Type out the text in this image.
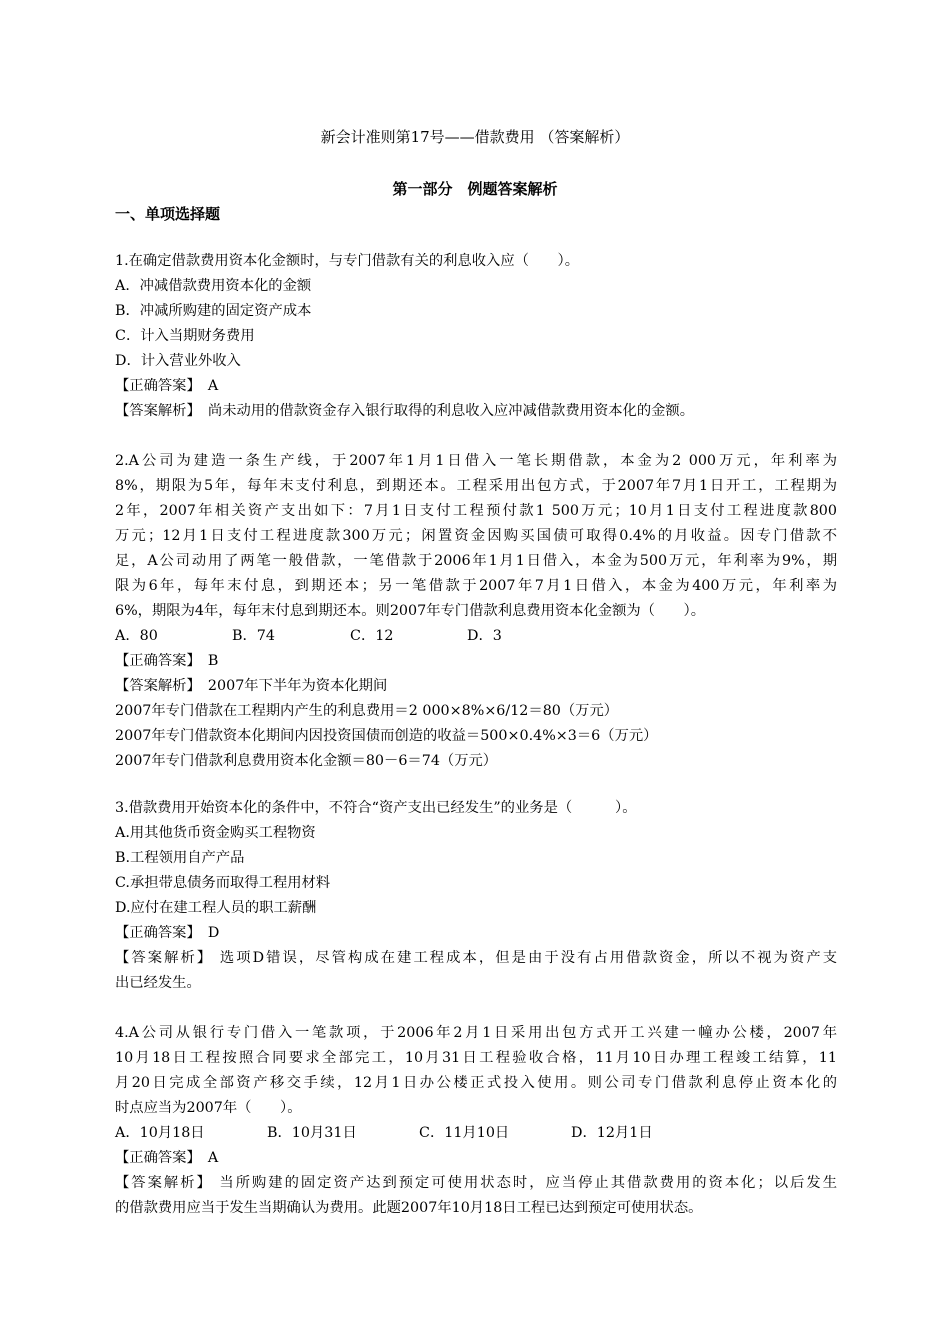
新会计准则第17号——借款费用 （答案解析）
第一部分　例题答案解析
一、单项选择题
1.在确定借款费用资本化金额时，与专门借款有关的利息收入应（　　）。
A．冲减借款费用资本化的金额
B．冲减所购建的固定资产成本
C．计入当期财务费用
D．计入营业外收入
【正确答案】　A
【答案解析】　尚未动用的借款资金存入银行取得的利息收入应冲减借款费用资本化的金额。
2.A公司为建造一条生产线，于2007年1月1日借入一笔长期借款，本金为2 000万元，年利率为
8%，期限为5年，每年末支付利息，到期还本。工程采用出包方式，于2007年7月1日开工，工程期为
2年，2007年相关资产支出如下：7月1日支付工程预付款1 500万元；10月1日支付工程进度款800
万元；12月1日支付工程进度款300万元；闲置资金因购买国债可取得0.4%的月收益。因专门借款不
足，A公司动用了两笔一般借款，一笔借款于2006年1月1日借入，本金为500万元，年利率为9%，期
限为6年，每年末付息，到期还本；另一笔借款于2007年7月1日借入，本金为400万元，年利率为
6%，期限为4年，每年末付息到期还本。则2007年专门借款利息费用资本化金额为（　　）。
A．80	B．74	C．12	D．3
【正确答案】　B
【答案解析】　2007年下半年为资本化期间
2007年专门借款在工程期内产生的利息费用＝2 000×8%×6/12＝80（万元）
2007年专门借款资本化期间内因投资国债而创造的收益＝500×0.4%×3＝6（万元）
2007年专门借款利息费用资本化金额＝80－6＝74（万元）
3.借款费用开始资本化的条件中，不符合“资产支出已经发生”的业务是（　　　）。
A.用其他货币资金购买工程物资
B.工程领用自产产品
C.承担带息债务而取得工程用材料
D.应付在建工程人员的职工薪酬
【正确答案】　D
【答案解析】 选项D错误，尽管构成在建工程成本，但是由于没有占用借款资金，所以不视为资产支
出已经发生。
4.A公司从银行专门借入一笔款项，于2006年2月1日采用出包方式开工兴建一幢办公楼，2007年
10月18日工程按照合同要求全部完工，10月31日工程验收合格，11月10日办理工程竣工结算，11
月20日完成全部资产移交手续，12月1日办公楼正式投入使用。则公司专门借款利息停止资本化的
时点应当为2007年（　　）。
A．10月18日	B．10月31日	C．11月10日	D．12月1日
【正确答案】　A
【答案解析】 当所购建的固定资产达到预定可使用状态时，应当停止其借款费用的资本化；以后发生
的借款费用应当于发生当期确认为费用。此题2007年10月18日工程已达到预定可使用状态。
